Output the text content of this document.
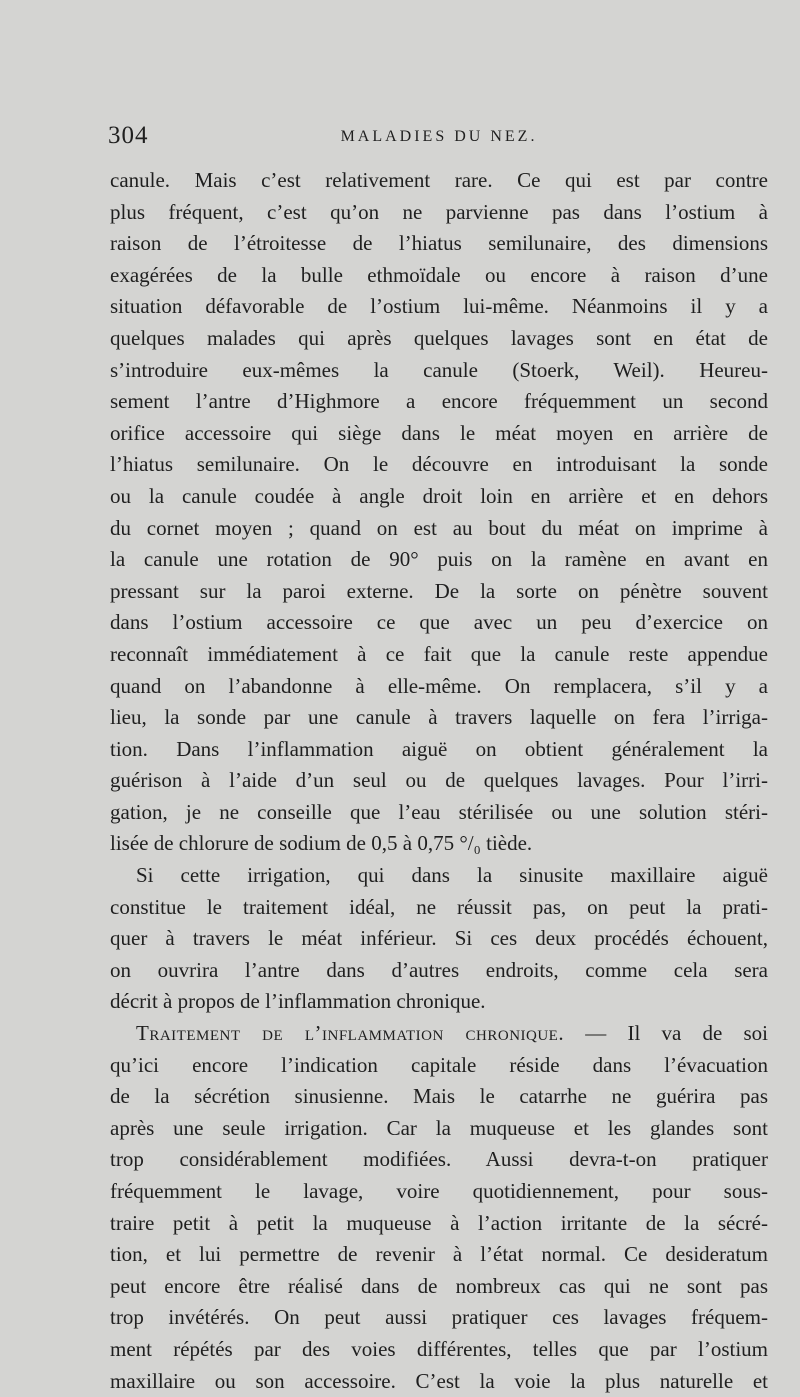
304	MALADIES DU NEZ.
canule. Mais c’est relativement rare. Ce qui est par contre
plus fréquent, c’est qu’on ne parvienne pas dans l’ostium à
raison de l’étroitesse de l’hiatus semilunaire, des dimensions
exagérées de la bulle ethmoïdale ou encore à raison d’une
situation défavorable de l’ostium lui-même. Néanmoins il y a
quelques malades qui après quelques lavages sont en état de
s’introduire eux-mêmes la canule (Stoerk, Weil). Heureu-
sement l’antre d’Highmore a encore fréquemment un second
orifice accessoire qui siège dans le méat moyen en arrière de
l’hiatus semilunaire. On le découvre en introduisant la sonde
ou la canule coudée à angle droit loin en arrière et en dehors
du cornet moyen ; quand on est au bout du méat on imprime à
la canule une rotation de 90° puis on la ramène en avant en
pressant sur la paroi externe. De la sorte on pénètre souvent
dans l’ostium accessoire ce que avec un peu d’exercice on
reconnaît immédiatement à ce fait que la canule reste appendue
quand on l’abandonne à elle-même. On remplacera, s’il y a
lieu, la sonde par une canule à travers laquelle on fera l’irriga-
tion. Dans l’inflammation aiguë on obtient généralement la
guérison à l’aide d’un seul ou de quelques lavages. Pour l’irri-
gation, je ne conseille que l’eau stérilisée ou une solution stéri-
lisée de chlorure de sodium de 0,5 à 0,75 °/₀ tiède.
Si cette irrigation, qui dans la sinusite maxillaire aiguë
constitue le traitement idéal, ne réussit pas, on peut la prati-
quer à travers le méat inférieur. Si ces deux procédés échouent,
on ouvrira l’antre dans d’autres endroits, comme cela sera
décrit à propos de l’inflammation chronique.
Traitement de l’inflammation chronique. — Il va de soi
qu’ici encore l’indication capitale réside dans l’évacuation
de la sécrétion sinusienne. Mais le catarrhe ne guérira pas
après une seule irrigation. Car la muqueuse et les glandes sont
trop considérablement modifiées. Aussi devra-t-on pratiquer
fréquemment le lavage, voire quotidiennement, pour sous-
traire petit à petit la muqueuse à l’action irritante de la sécré-
tion, et lui permettre de revenir à l’état normal. Ce desideratum
peut encore être réalisé dans de nombreux cas qui ne sont pas
trop invétérés. On peut aussi pratiquer ces lavages fréquem-
ment répétés par des voies différentes, telles que par l’ostium
maxillaire ou son accessoire. C’est la voie la plus naturelle et
